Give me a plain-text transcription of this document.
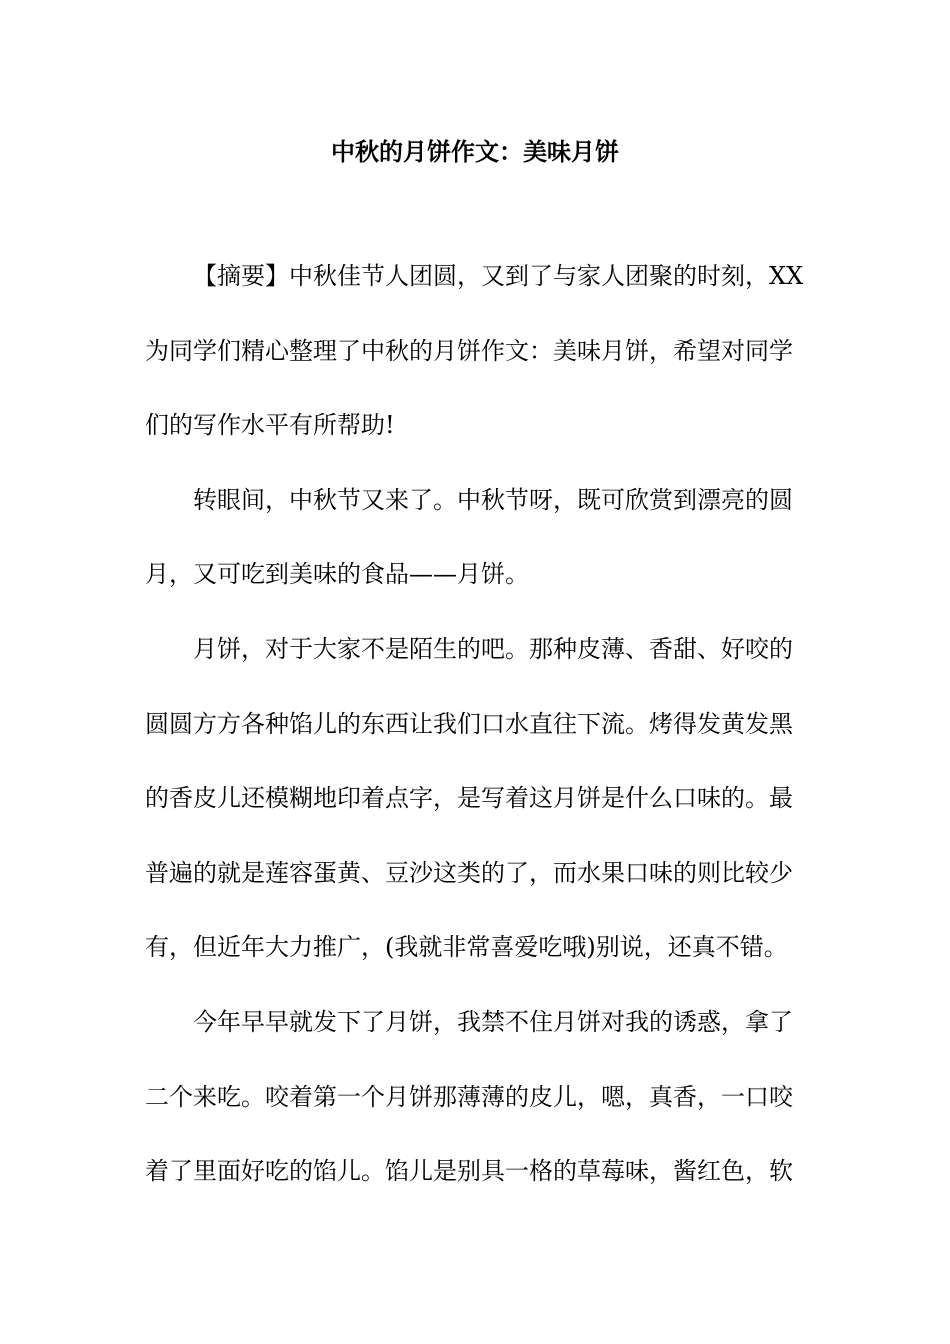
中秋的月饼作文：美味月饼
【摘要】中秋佳节人团圆，又到了与家人团聚的时刻，XX
为同学们精心整理了中秋的月饼作文：美味月饼，希望对同学
们的写作水平有所帮助!
转眼间，中秋节又来了。中秋节呀，既可欣赏到漂亮的圆
月，又可吃到美味的食品——月饼。
月饼，对于大家不是陌生的吧。那种皮薄、香甜、好咬的
圆圆方方各种馅儿的东西让我们口水直往下流。烤得发黄发黑
的香皮儿还模糊地印着点字，是写着这月饼是什么口味的。最
普遍的就是莲容蛋黄、豆沙这类的了，而水果口味的则比较少
有，但近年大力推广，(我就非常喜爱吃哦)别说，还真不错。
今年早早就发下了月饼，我禁不住月饼对我的诱惑，拿了
二个来吃。咬着第一个月饼那薄薄的皮儿，嗯，真香，一口咬
着了里面好吃的馅儿。馅儿是别具一格的草莓味，酱红色，软
